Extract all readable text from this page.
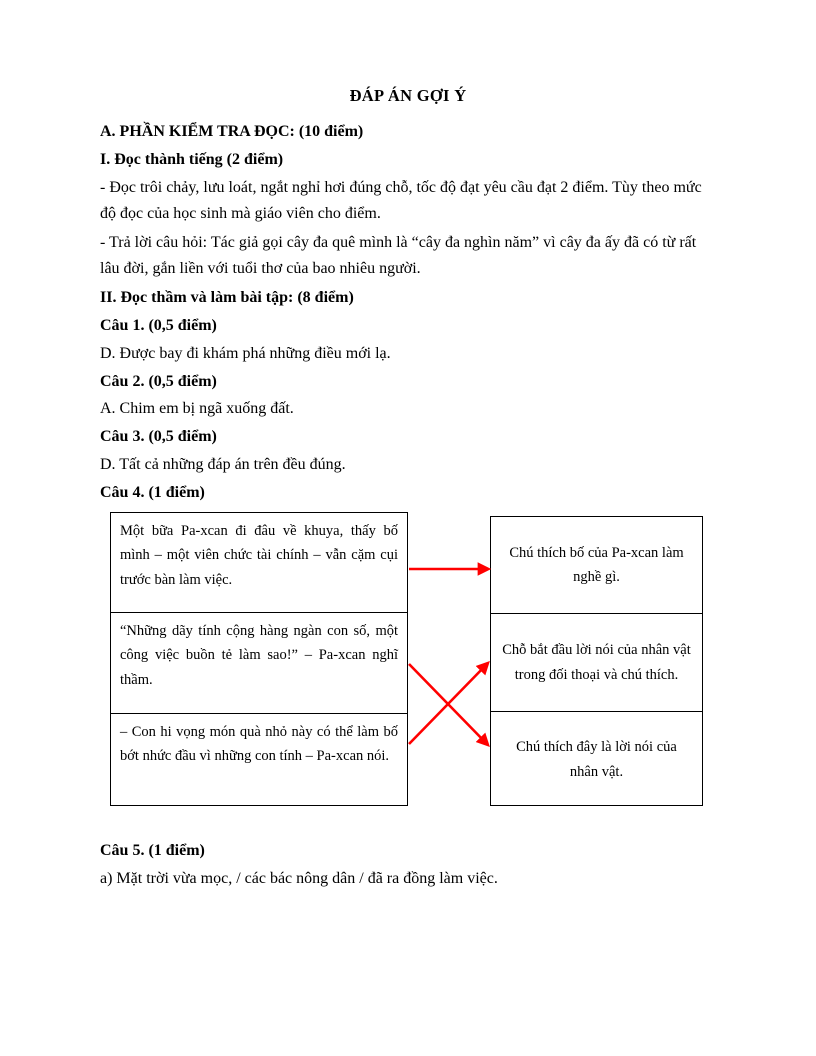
ĐÁP ÁN GỢI Ý
A. PHẦN KIỂM TRA ĐỌC: (10 điểm)
I. Đọc thành tiếng (2 điểm)
- Đọc trôi chảy, lưu loát, ngắt nghỉ hơi đúng chỗ, tốc độ đạt yêu cầu đạt 2 điểm. Tùy theo mức độ đọc của học sinh mà giáo viên cho điểm.
- Trả lời câu hỏi: Tác giả gọi cây đa quê mình là “cây đa nghìn năm” vì cây đa ấy đã có từ rất lâu đời, gắn liền với tuổi thơ của bao nhiêu người.
II. Đọc thầm và làm bài tập: (8 điểm)
Câu 1. (0,5 điểm)
D. Được bay đi khám phá những điều mới lạ.
Câu 2. (0,5 điểm)
A. Chim em bị ngã xuống đất.
Câu 3. (0,5 điểm)
D. Tất cả những đáp án trên đều đúng.
Câu 4. (1 điểm)
Một bữa Pa-xcan đi đâu về khuya, thấy bố mình – một viên chức tài chính – vẫn cặm cụi trước bàn làm việc.
“Những dãy tính cộng hàng ngàn con số, một công việc buồn tẻ làm sao!” – Pa-xcan nghĩ thầm.
– Con hi vọng món quà nhỏ này có thể làm bố bớt nhức đầu vì những con tính – Pa-xcan nói.
Chú thích bố của Pa-xcan làm nghề gì.
Chỗ bắt đầu lời nói của nhân vật trong đối thoại và chú thích.
Chú thích đây là lời nói của nhân vật.
Câu 5. (1 điểm)
a) Mặt trời vừa mọc, / các bác nông dân / đã ra đồng làm việc.
